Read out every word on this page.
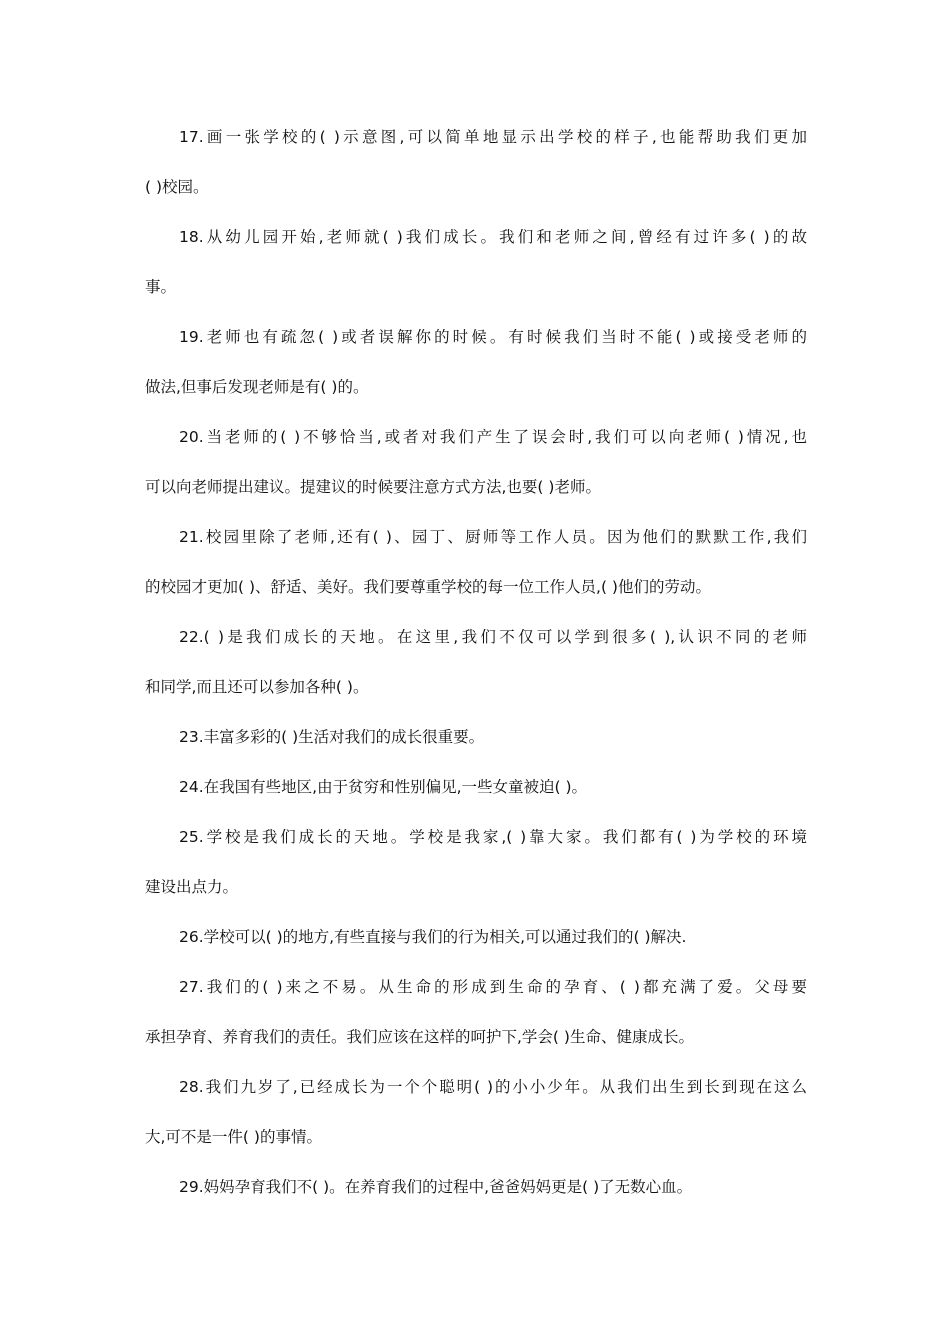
17.画一张学校的( )示意图,可以简单地显示出学校的样子,也能帮助我们更加
( )校园。
18.从幼儿园开始,老师就( )我们成长。我们和老师之间,曾经有过许多( )的故
事。
19.老师也有疏忽( )或者误解你的时候。有时候我们当时不能( )或接受老师的
做法,但事后发现老师是有( )的。
20.当老师的( )不够恰当,或者对我们产生了误会时,我们可以向老师( )情况,也
可以向老师提出建议。提建议的时候要注意方式方法,也要( )老师。
21.校园里除了老师,还有( )、园丁、厨师等工作人员。因为他们的默默工作,我们
的校园才更加( )、舒适、美好。我们要尊重学校的每一位工作人员,( )他们的劳动。
22.( )是我们成长的天地。在这里,我们不仅可以学到很多( ),认识不同的老师
和同学,而且还可以参加各种( )。
23.丰富多彩的( )生活对我们的成长很重要。
24.在我国有些地区,由于贫穷和性别偏见,一些女童被迫( )。
25.学校是我们成长的天地。学校是我家,( )靠大家。我们都有( )为学校的环境
建设出点力。
26.学校可以( )的地方,有些直接与我们的行为相关,可以通过我们的( )解决.
27.我们的( )来之不易。从生命的形成到生命的孕育、( )都充满了爱。父母要
承担孕育、养育我们的责任。我们应该在这样的呵护下,学会( )生命、健康成长。
28.我们九岁了,已经成长为一个个聪明( )的小小少年。从我们出生到长到现在这么
大,可不是一件( )的事情。
29.妈妈孕育我们不( )。在养育我们的过程中,爸爸妈妈更是( )了无数心血。
